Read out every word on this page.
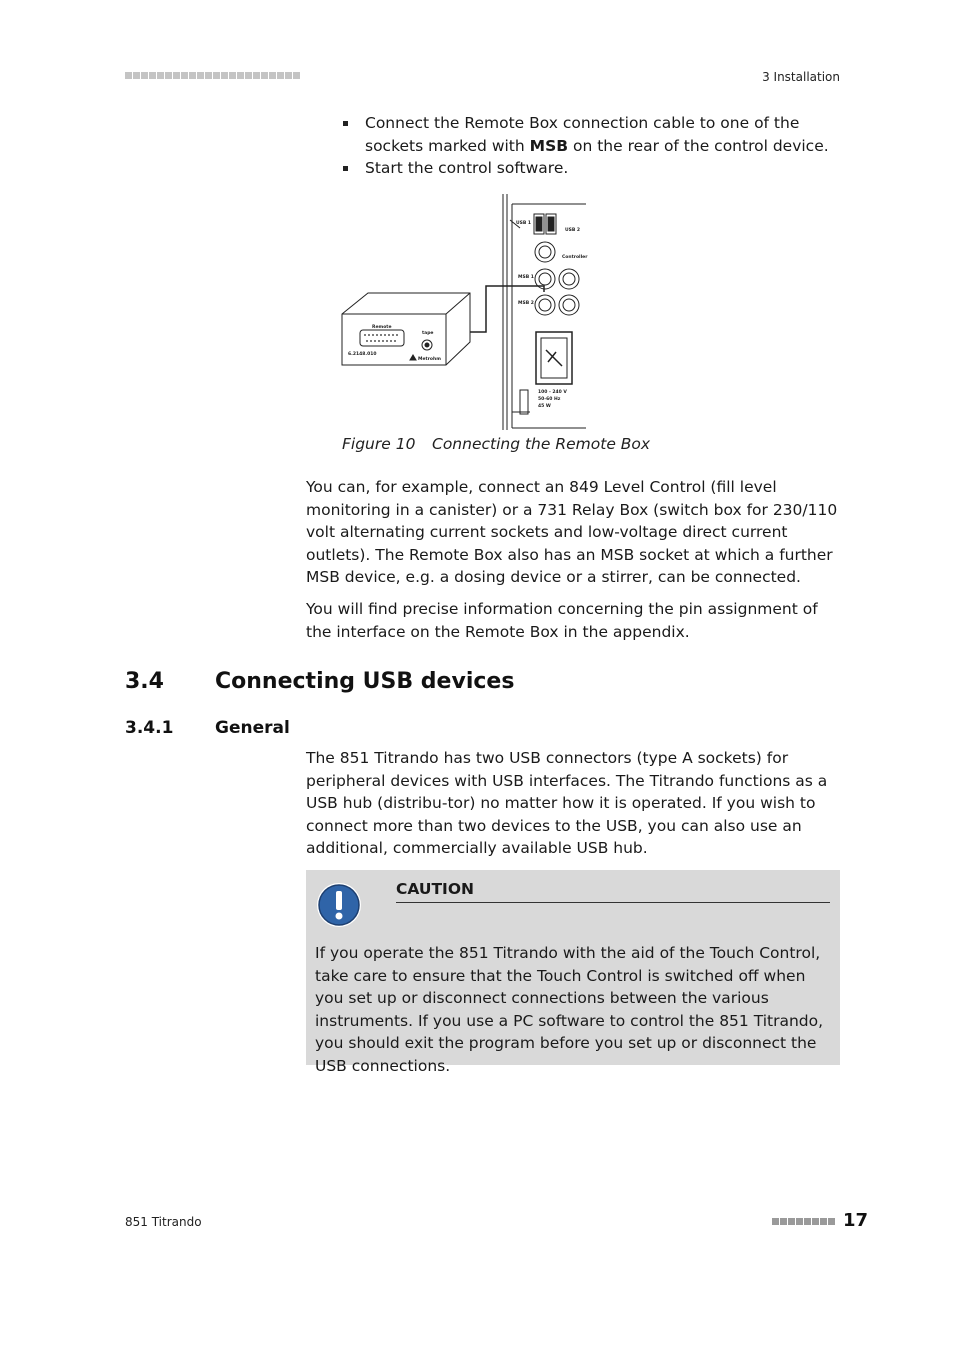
3 Installation
Connect the Remote Box connection cable to one of the sockets marked with MSB on the rear of the control device.
Start the control software.
USB 1
USB 2
Controller
MSB 1
MSB 2
100 - 240 V
50-60 Hz
45 W
Remote
tape
6.2148.010
Metrohm
Figure 10 Connecting the Remote Box

You can, for example, connect an 849 Level Control (fill level monitoring in a canister) or a 731 Relay Box (switch box for 230/110 volt alternating current sockets and low-voltage direct current outlets). The Remote Box also has an MSB socket at which a further MSB device, e.g. a dosing device or a stirrer, can be connected.

You will find precise information concerning the pin assignment of the interface on the Remote Box in the appendix.

3.4 Connecting USB devices
3.4.1 General

The 851 Titrando has two USB connectors (type A sockets) for peripheral devices with USB interfaces. The Titrando functions as a USB hub (distribu-tor) no matter how it is operated. If you wish to connect more than two devices to the USB, you can also use an additional, commercially available USB hub.

CAUTION

If you operate the 851 Titrando with the aid of the Touch Control, take care to ensure that the Touch Control is switched off when you set up or disconnect connections between the various instruments. If you use a PC software to control the 851 Titrando, you should exit the program before you set up or disconnect the USB connections.

851 Titrando	17
